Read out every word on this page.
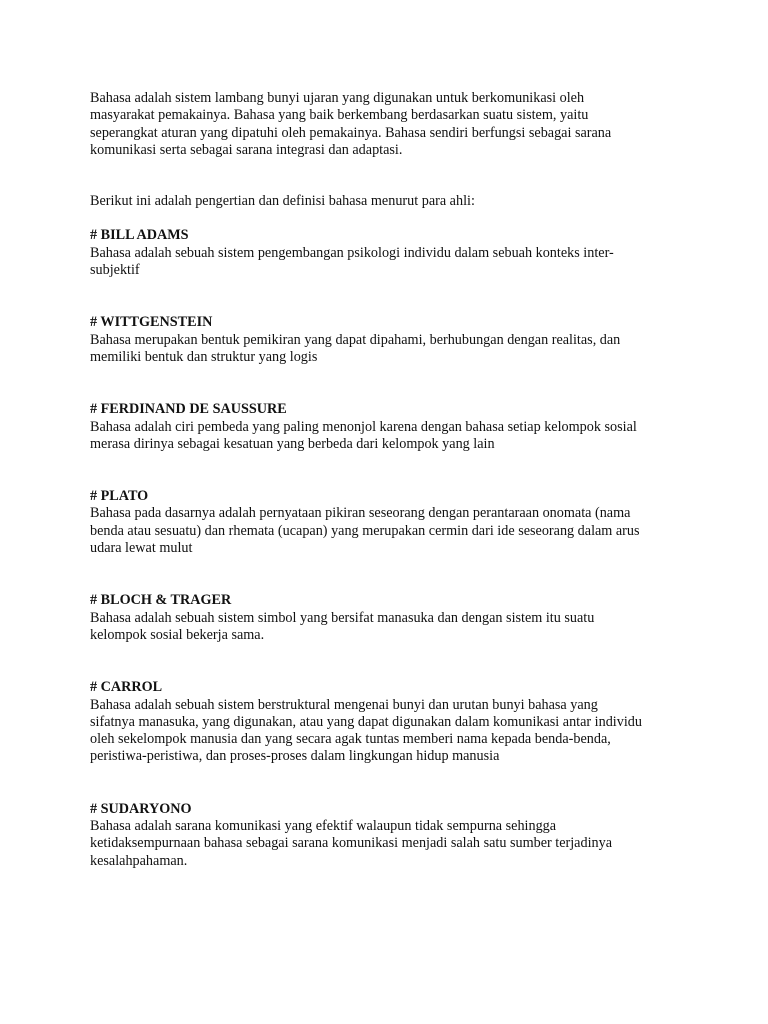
Bahasa adalah sistem lambang bunyi ujaran yang digunakan untuk berkomunikasi oleh
masyarakat pemakainya. Bahasa yang baik berkembang berdasarkan suatu sistem, yaitu
seperangkat aturan yang dipatuhi oleh pemakainya. Bahasa sendiri berfungsi sebagai sarana
komunikasi serta sebagai sarana integrasi dan adaptasi.

Berikut ini adalah pengertian dan definisi bahasa menurut para ahli:

# BILL ADAMS

Bahasa adalah sebuah sistem pengembangan psikologi individu dalam sebuah konteks inter-
subjektif

# WITTGENSTEIN

Bahasa merupakan bentuk pemikiran yang dapat dipahami, berhubungan dengan realitas, dan
memiliki bentuk dan struktur yang logis

# FERDINAND DE SAUSSURE

Bahasa adalah ciri pembeda yang paling menonjol karena dengan bahasa setiap kelompok sosial
merasa dirinya sebagai kesatuan yang berbeda dari kelompok yang lain

# PLATO

Bahasa pada dasarnya adalah pernyataan pikiran seseorang dengan perantaraan onomata (nama
benda atau sesuatu) dan rhemata (ucapan) yang merupakan cermin dari ide seseorang dalam arus
udara lewat mulut

# BLOCH & TRAGER

Bahasa adalah sebuah sistem simbol yang bersifat manasuka dan dengan sistem itu suatu
kelompok sosial bekerja sama.

# CARROL

Bahasa adalah sebuah sistem berstruktural mengenai bunyi dan urutan bunyi bahasa yang
sifatnya manasuka, yang digunakan, atau yang dapat digunakan dalam komunikasi antar individu
oleh sekelompok manusia dan yang secara agak tuntas memberi nama kepada benda-benda,
peristiwa-peristiwa, dan proses-proses dalam lingkungan hidup manusia

# SUDARYONO

Bahasa adalah sarana komunikasi yang efektif walaupun tidak sempurna sehingga
ketidaksempurnaan bahasa sebagai sarana komunikasi menjadi salah satu sumber terjadinya
kesalahpahaman.
